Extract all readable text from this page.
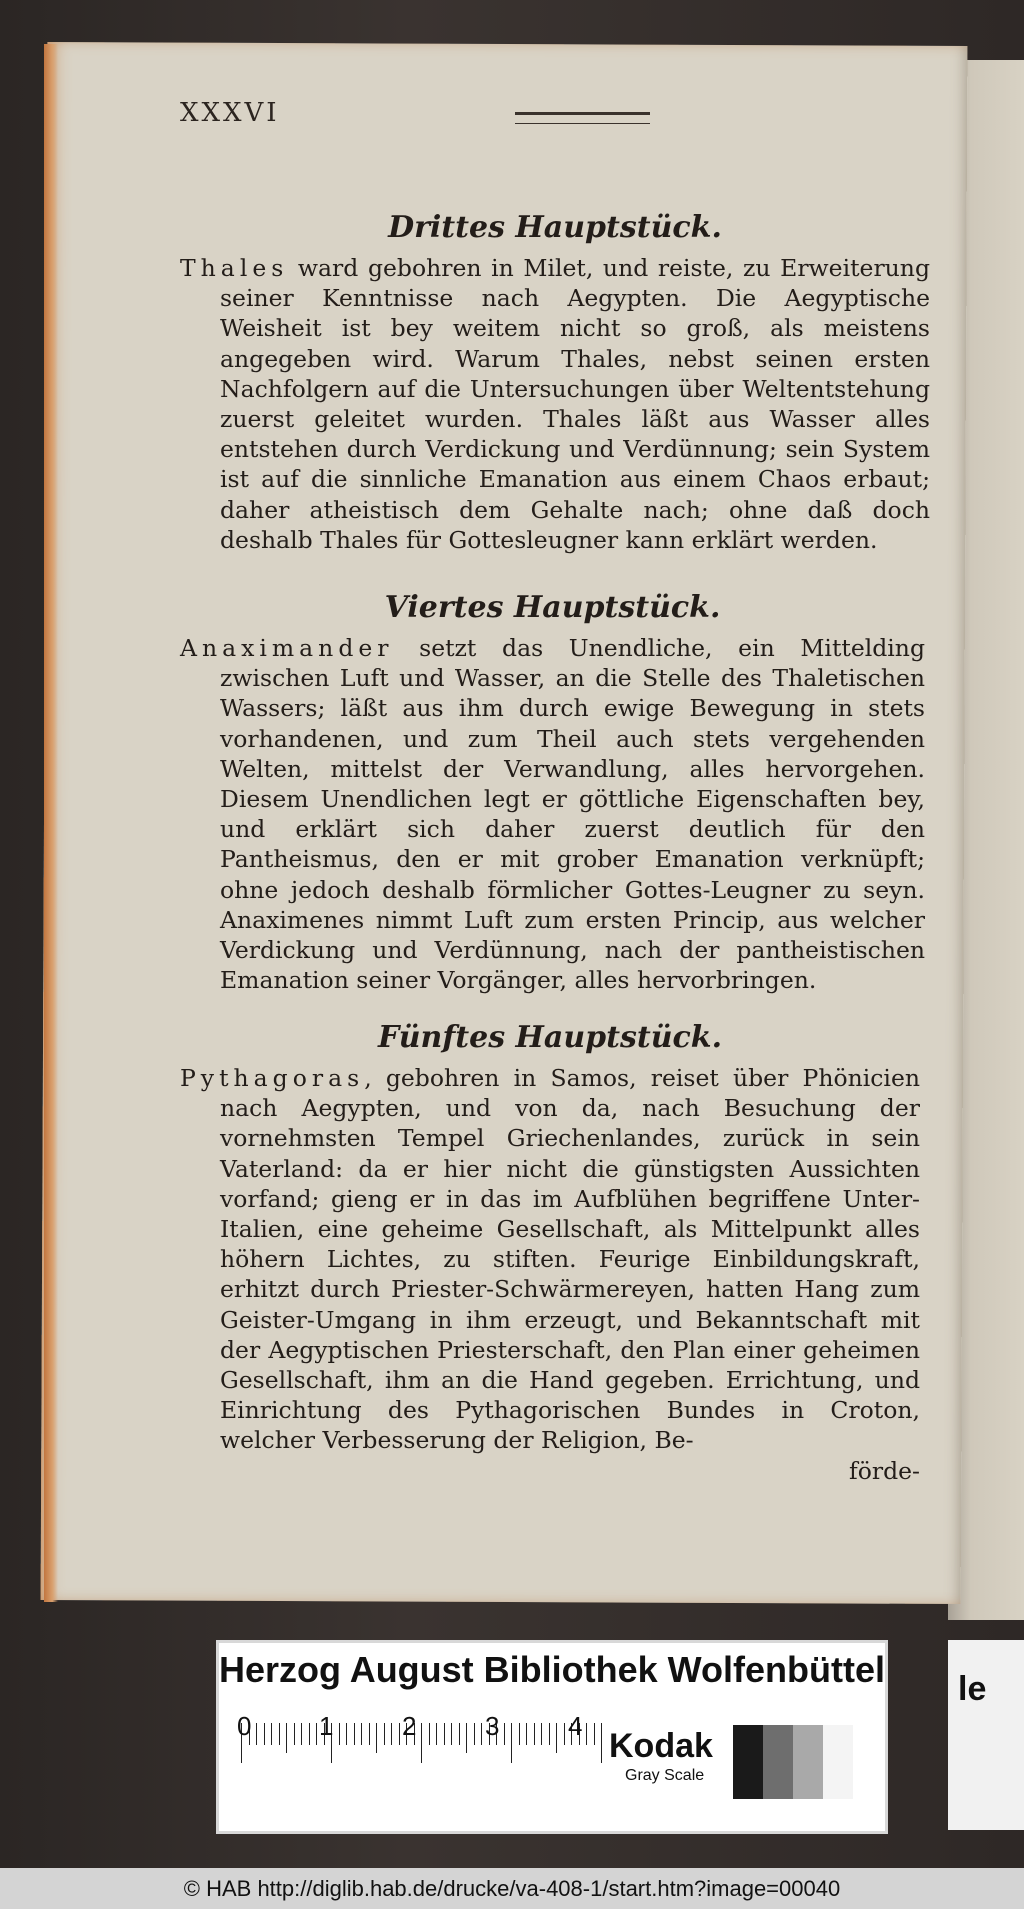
XXXVI
Drittes Hauptstück.

Thales ward gebohren in Milet, und reiste, zu Erweiterung seiner Kenntnisse nach Aegypten. Die Aegyptische Weisheit ist bey weitem nicht so groß, als meistens angegeben wird. Warum Thales, nebst seinen ersten Nachfolgern auf die Untersuchungen über Weltentstehung zuerst geleitet wurden. Thales läßt aus Wasser alles entstehen durch Verdickung und Verdünnung; sein System ist auf die sinnliche Emanation aus einem Chaos erbaut; daher atheistisch dem Gehalte nach; ohne daß doch deshalb Thales für Gottesleugner kann erklärt werden.

Viertes Hauptstück.

Anaximander setzt das Unendliche, ein Mittelding zwischen Luft und Wasser, an die Stelle des Thaletischen Wassers; läßt aus ihm durch ewige Bewegung in stets vorhandenen, und zum Theil auch stets vergehenden Welten, mittelst der Verwandlung, alles hervorgehen. Diesem Unendlichen legt er göttliche Eigenschaften bey, und erklärt sich daher zuerst deutlich für den Pantheismus, den er mit grober Emanation verknüpft; ohne jedoch deshalb förmlicher Gottes-Leugner zu seyn. Anaximenes nimmt Luft zum ersten Princip, aus welcher Verdickung und Verdünnung, nach der pantheistischen Emanation seiner Vorgänger, alles hervorbringen.

Fünftes Hauptstück.

Pythagoras, gebohren in Samos, reiset über Phönicien nach Aegypten, und von da, nach Besuchung der vornehmsten Tempel Griechenlandes, zurück in sein Vaterland: da er hier nicht die günstigsten Aussichten vorfand; gieng er in das im Aufblühen begriffene Unter-Italien, eine geheime Gesellschaft, als Mittelpunkt alles höhern Lichtes, zu stiften. Feurige Einbildungskraft, erhitzt durch Priester-Schwärmereyen, hatten Hang zum Geister-Umgang in ihm erzeugt, und Bekanntschaft mit der Aegyptischen Priesterschaft, den Plan einer geheimen Gesellschaft, ihm an die Hand gegeben. Errichtung, und Einrichtung des Pythagorischen Bundes in Croton, welcher Verbesserung der Religion, Be-

förde-
Herzog August Bibliothek Wolfenbüttel
0	1	2	3	4
Kodak
Gray Scale
le
© HAB http://diglib.hab.de/drucke/va-408-1/start.htm?image=00040
